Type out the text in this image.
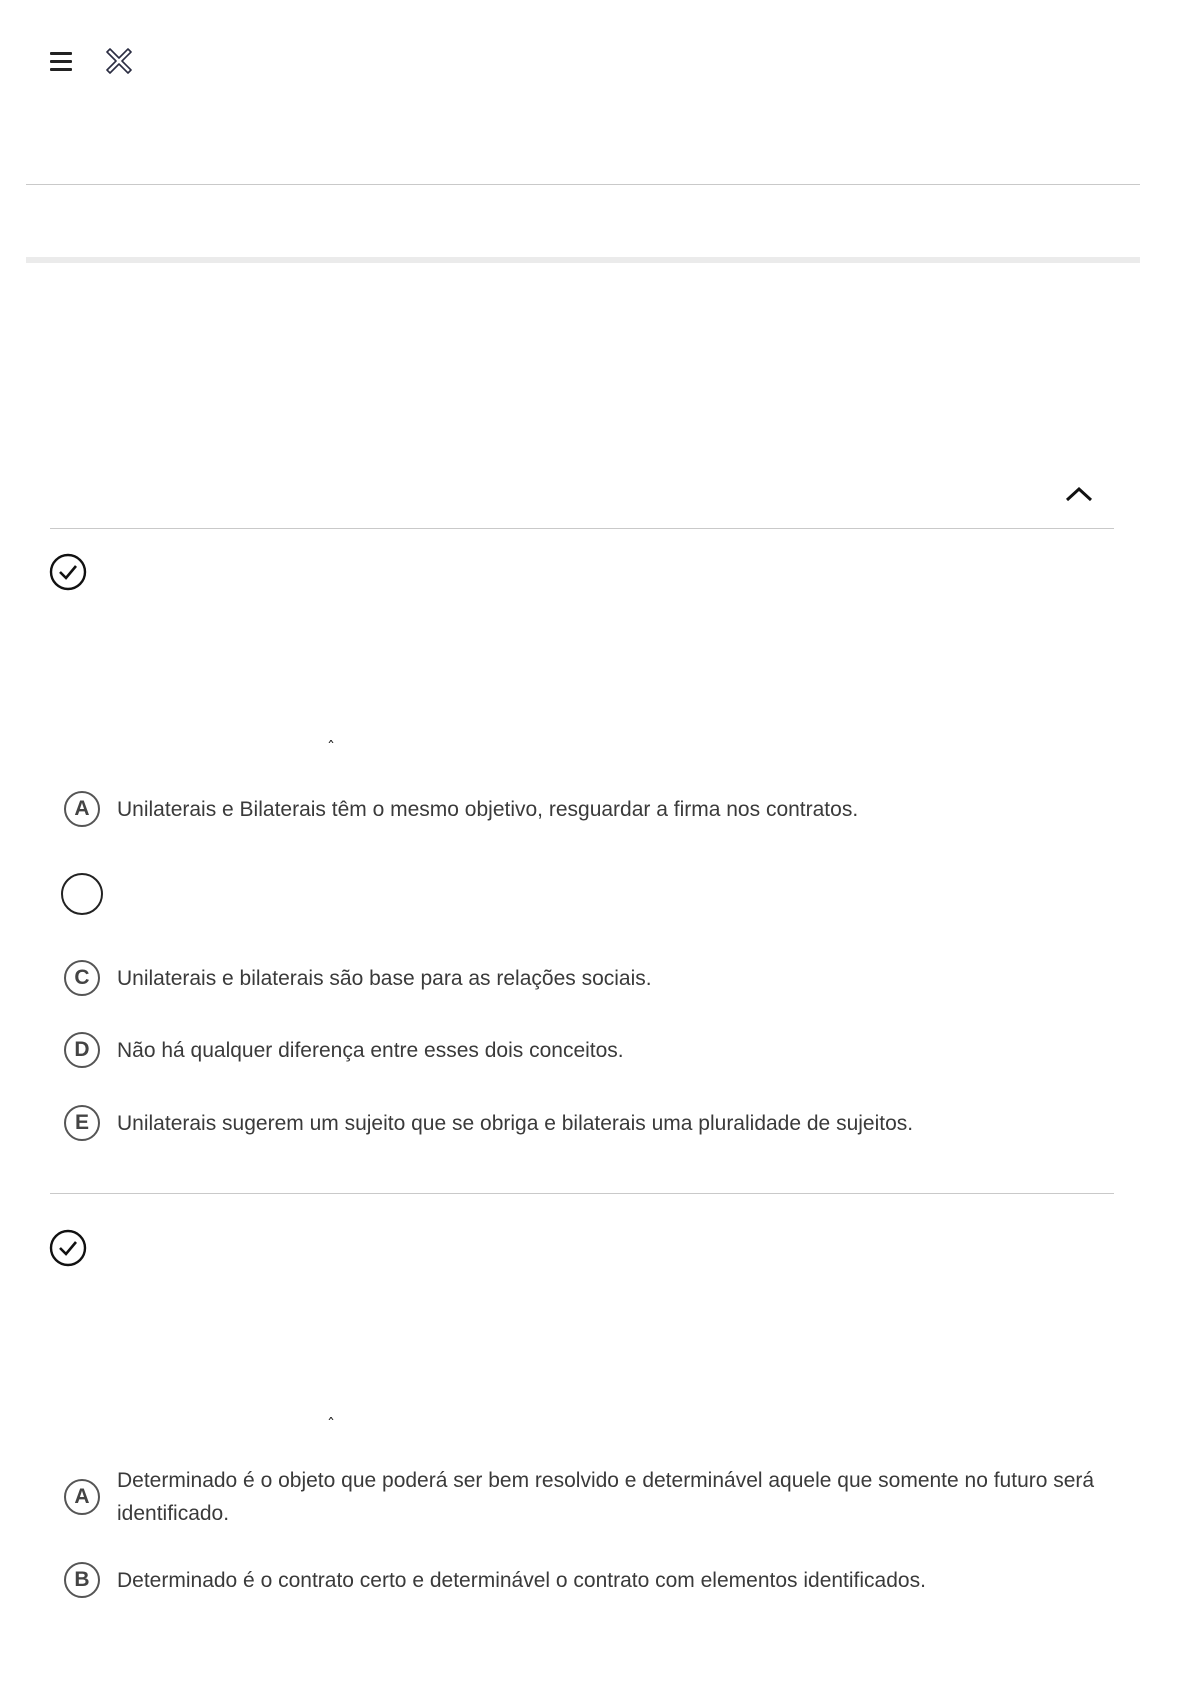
ˆ
A	Unilaterais e Bilaterais têm o mesmo objetivo, resguardar a firma nos contratos.
C	Unilaterais e bilaterais são base para as relações sociais.
D	Não há qualquer diferença entre esses dois conceitos.
E	Unilaterais sugerem um sujeito que se obriga e bilaterais uma pluralidade de sujeitos.
ˆ
A
Determinado é o objeto que poderá ser bem resolvido e determinável aquele que somente no futuro será identificado.
B	Determinado é o contrato certo e determinável o contrato com elementos identificados.
